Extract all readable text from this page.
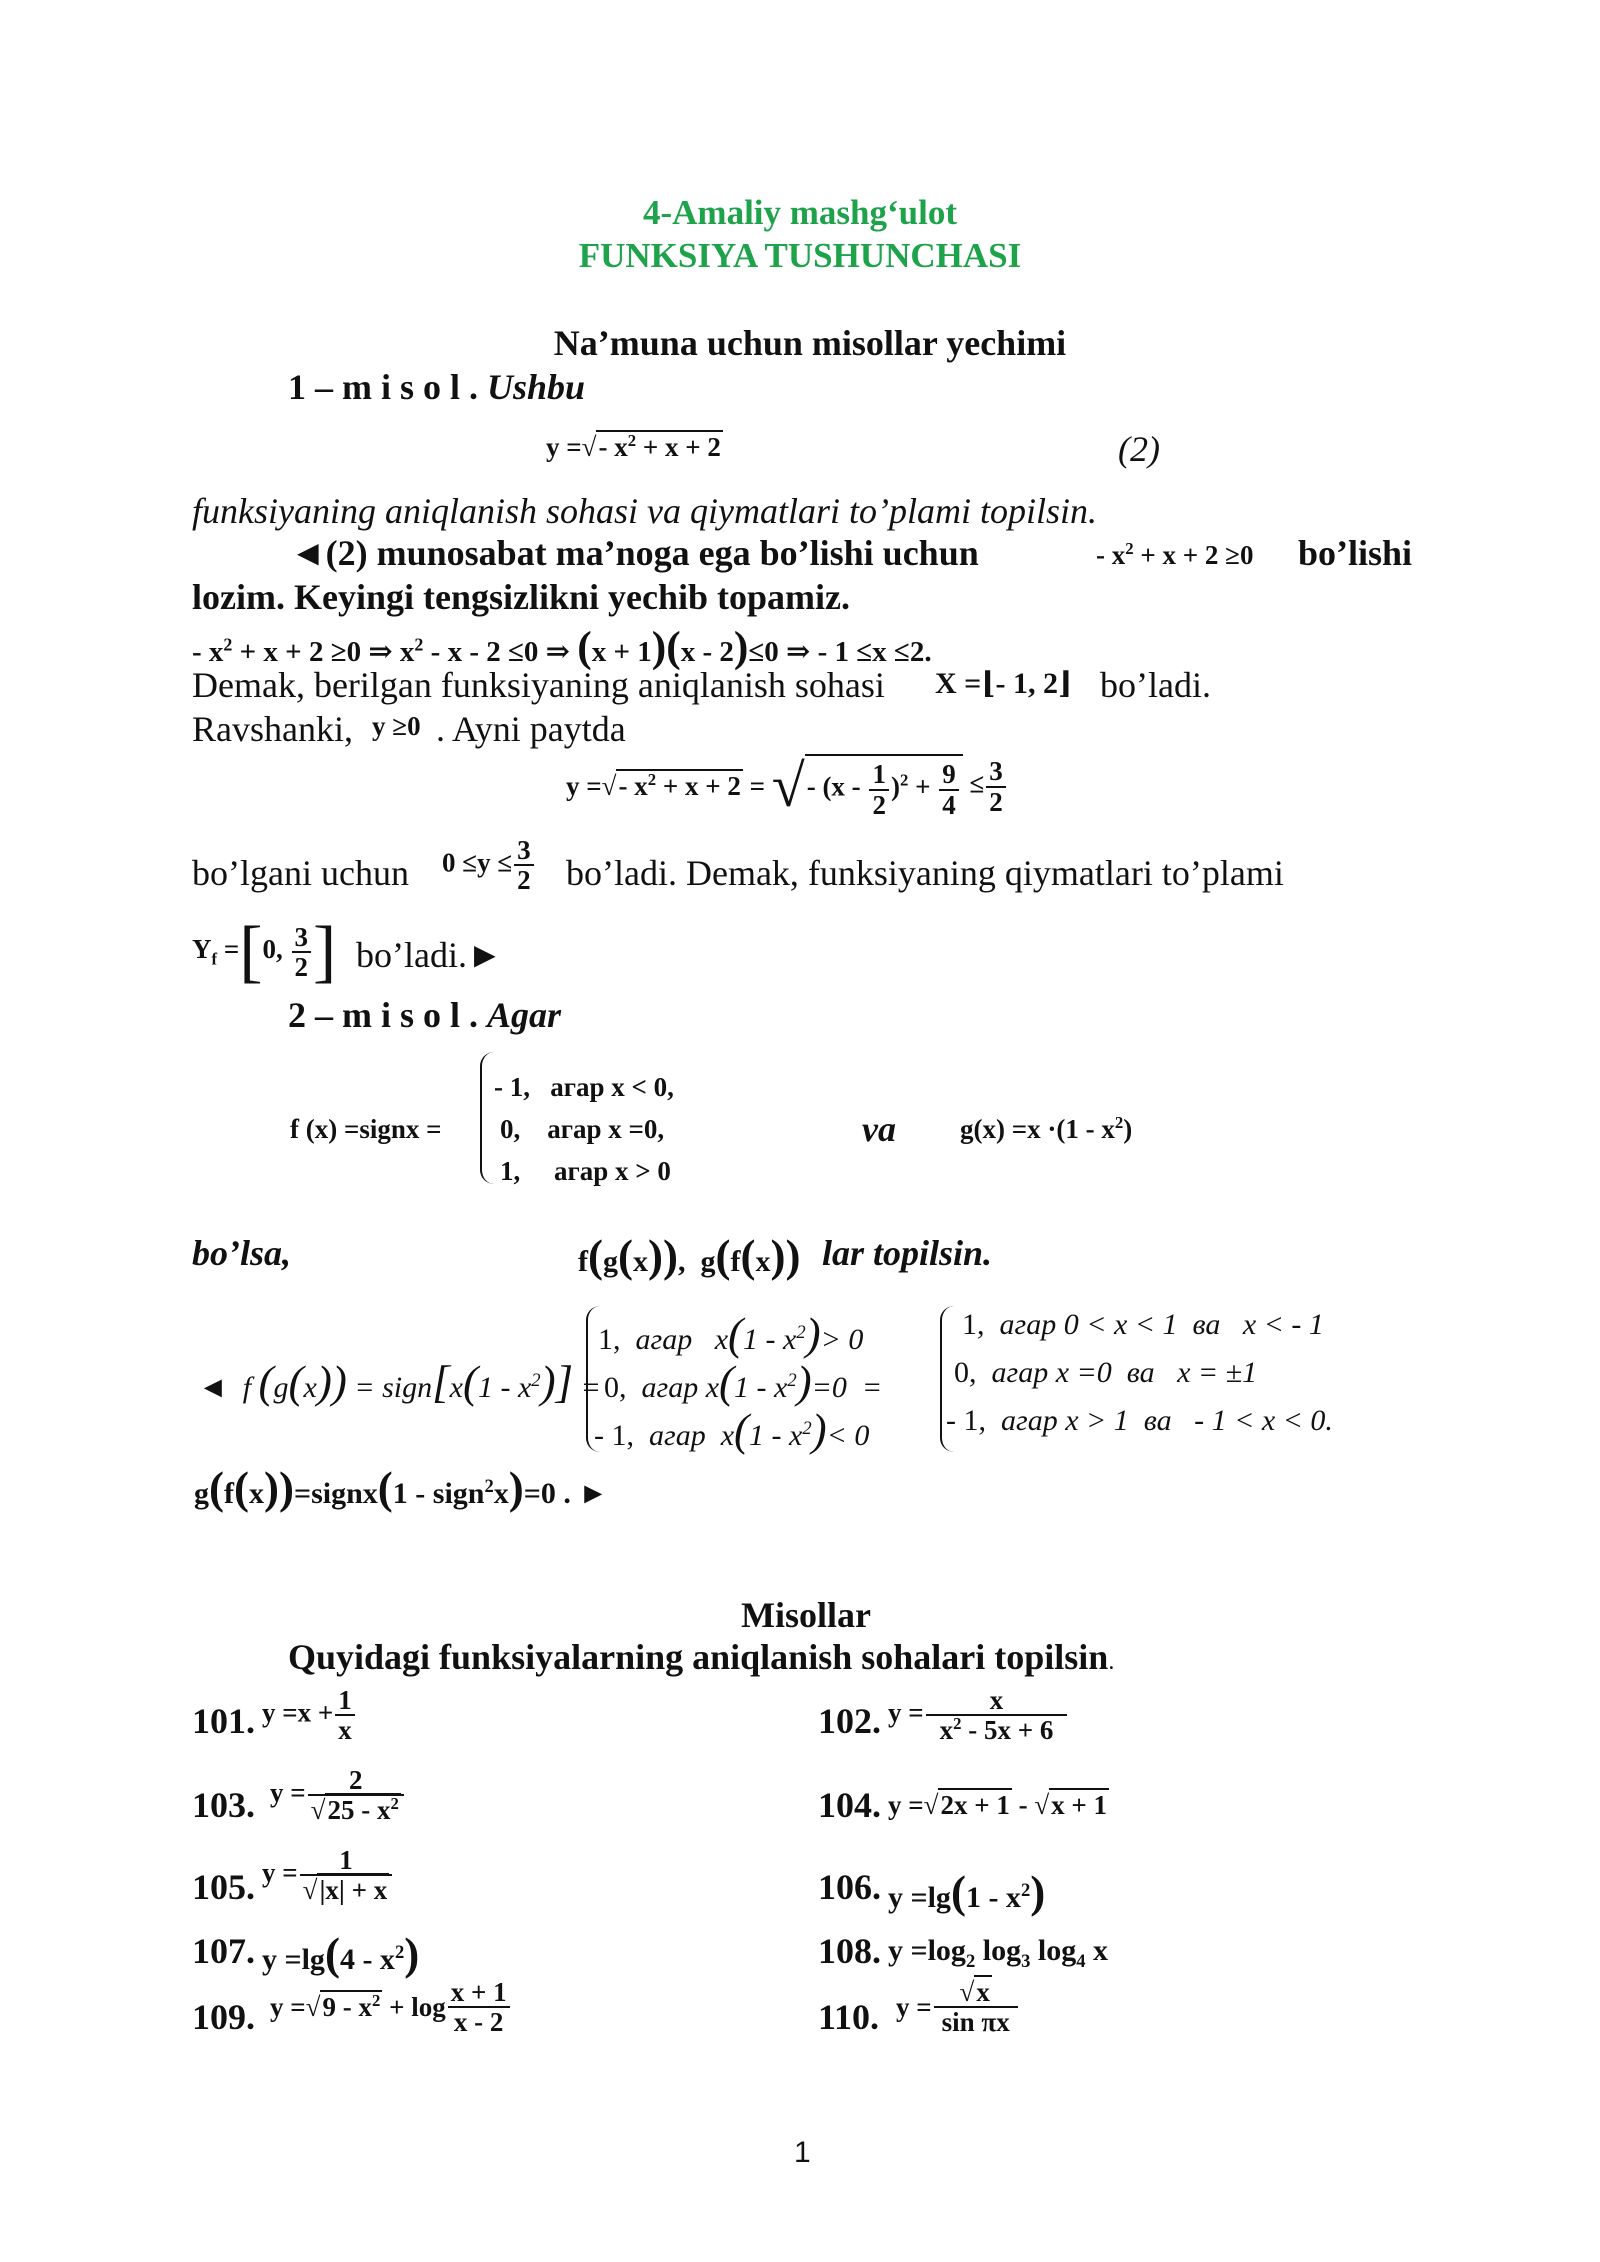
4-Amaliy mashg‘ulot
FUNKSIYA TUSHUNCHASI
Na’muna uchun misollar yechimi
1 – m i s o l . Ushbu
y =√- $x^2 + x + 2$	(2)
funksiyaning aniqlanish sohasi va qiymatlari to’plami topilsin.
◄(2) munosabat ma’noga ega bo’lishi uchun	- $x^2 + x + 2 \ge 0$ bo’lishi
lozim. Keyingi tengsizlikni yechib topamiz.
- $x^2 + x + 2 \ge 0$ ⇒ $x^2 - x - 2 \le 0$ ⇒ (x + 1)(x - 2)≤0 ⇒ - 1 ≤x ≤2.
Demak, berilgan funksiyaning aniqlanish sohasi X =⌊- 1, 2⌋ bo’ladi.
Ravshanki, y ≥0 . Ayni paytda
y =√- $x^2 + x + 2$ = √- $(x - \frac{1}{2} )^2 + \frac{9}{4} \le \frac{3}{2}$
bo’lgani uchun $0 \le y \le \frac{3}{2}$ bo’ladi. Demak, funksiyaning qiymatlari to’plami
$Y_f =[0$, $\frac{3}{2}$ ] bo’ladi.►
2 – m i s o l . Agar
f (x) =signx =
- 1,   агар x < 0,
0,    агар x =0,
1,     агар x > 0
va $g(x) =x \cdot(1 - x^2)$
bo’lsa,	f(g(x)),  g(f(x)) lar topilsin.
◄  f (g(x)) = sign[x(1 - $x^2$)] =
1, агар   $x(1 - x^2)> 0$
0, агар $x(1 - x^2)=0$  =
- 1, агар  $x(1 - x^2)< 0$
1, агар 0 < x < 1  ва   x < - 1
0, агар x =0  ва   x = ±1
- 1, агар x > 1  ва   - 1 < x < 0.
g(f(x))=signx(1 - sign$^2$x)=0 . ►
Misollar
Quyidagi funksiyalarning aniqlanish sohalari topilsin.
101. $y =x + \frac{1}{x}$	102. $y = \frac{x}{x^2 - 5x + 6}$
103. $y = \frac{2}{√25 - x^2}$	104. y =√2x + 1 - √x + 1
105. $y = \frac{1}{√|x| + x}$	106. $y =\lg(1 - x^2)$
107. $y =\lg(4 - x^2)$	108. $y =\log_2$ $\log_3 \log_4 x$
109. $y =√9 - x^2 + \log \frac{x + 1}{x - 2}$	110. $y = \frac{√x}{\text{sin πx}}$
1
